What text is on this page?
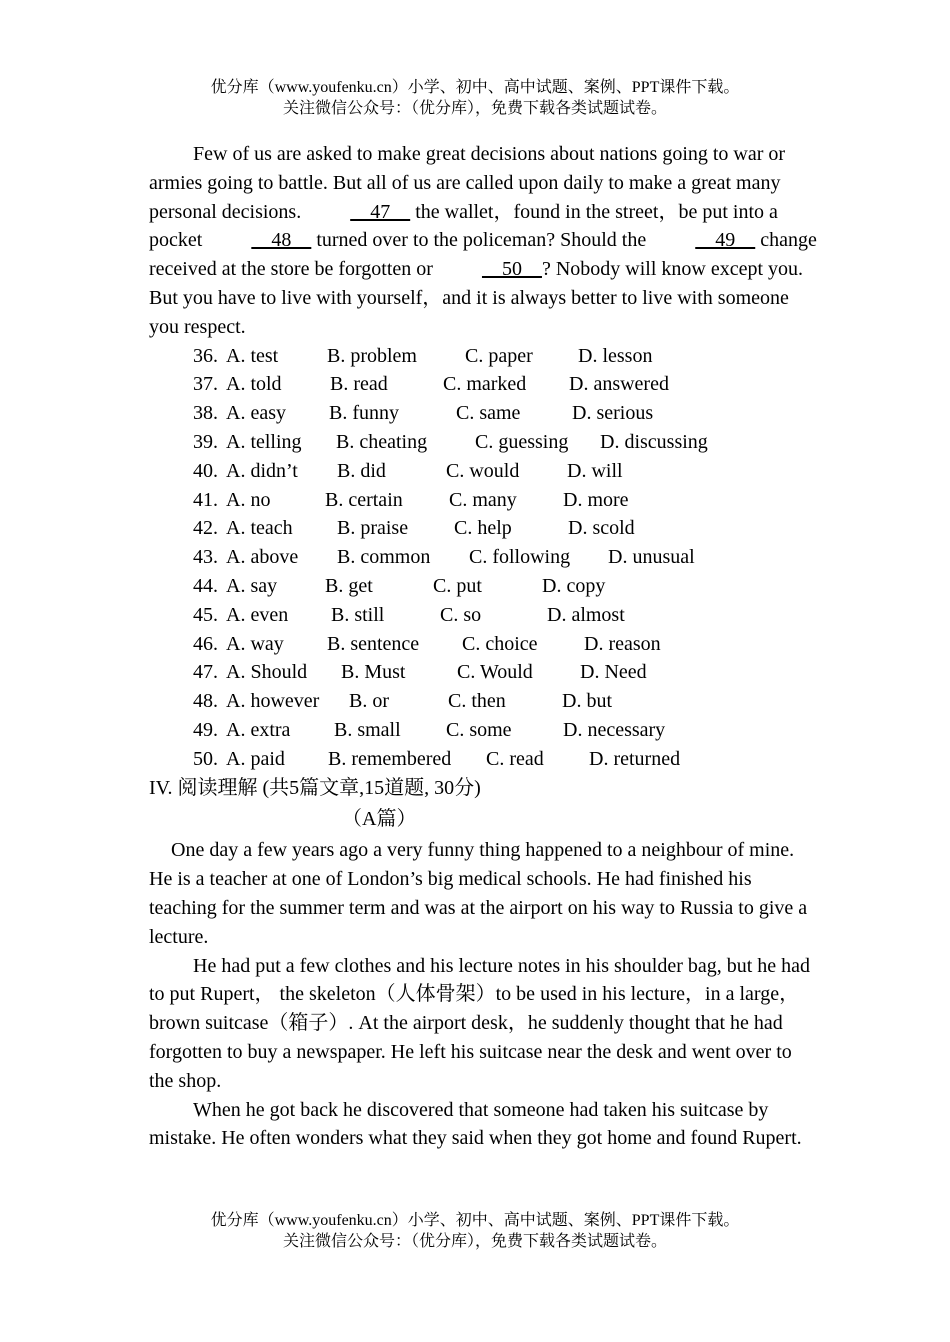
优分库（www.youfenku.cn）小学、初中、高中试题、案例、PPT课件下载。
关注微信公众号：（优分库），免费下载各类试题试卷。

Few of us are asked to make great decisions about nations going to war or armies going to battle. But all of us are called upon daily to make a great many personal decisions.     47     the wallet，found in the street，be put into a pocket     48     turned over to the policeman? Should the     49     change received at the store be forgotten or     50    ? Nobody will know except you. But you have to live with yourself，and it is always better to live with someone you respect.

36. A. test B. problem C. paper D. lesson
37. A. told B. read	C. marked D. answered
38. A. easy B. funny	C. same	D. serious
39. A. telling B. cheating C. guessing D. discussing
40. A. didn’t B. did	C. would D. will
41. A. no	B. certain C. many D. more
42. A. teach B. praise C. help	D. scold
43. A. above B. common C. following D. unusual
44. A. say B. get	C. put	D. copy
45. A. even B. still	C. so	D. almost
46. A. way B. sentence C. choice D. reason
47. A. Should B. Must	C. Would D. Need
48. A. however B. or	C. then	D. but
49. A. extra B. small C. some	D. necessary
50. A. paid B. remembered C. read D. returned
IV. 阅读理解 (共5篇文章,15道题, 30分)
（A篇）

One day a few years ago a very funny thing happened to a neighbour of mine. He is a teacher at one of London’s big medical schools. He had finished his teaching for the summer term and was at the airport on his way to Russia to give a lecture.

He had put a few clothes and his lecture notes in his shoulder bag, but he had to put Rupert， the skeleton（人体骨架）to be used in his lecture，in a large，brown suitcase（箱子）. At the airport desk，he suddenly thought that he had forgotten to buy a newspaper. He left his suitcase near the desk and went over to the shop.

When he got back he discovered that someone had taken his suitcase by mistake. He often wonders what they said when they got home and found Rupert.

优分库（www.youfenku.cn）小学、初中、高中试题、案例、PPT课件下载。
关注微信公众号：（优分库），免费下载各类试题试卷。
